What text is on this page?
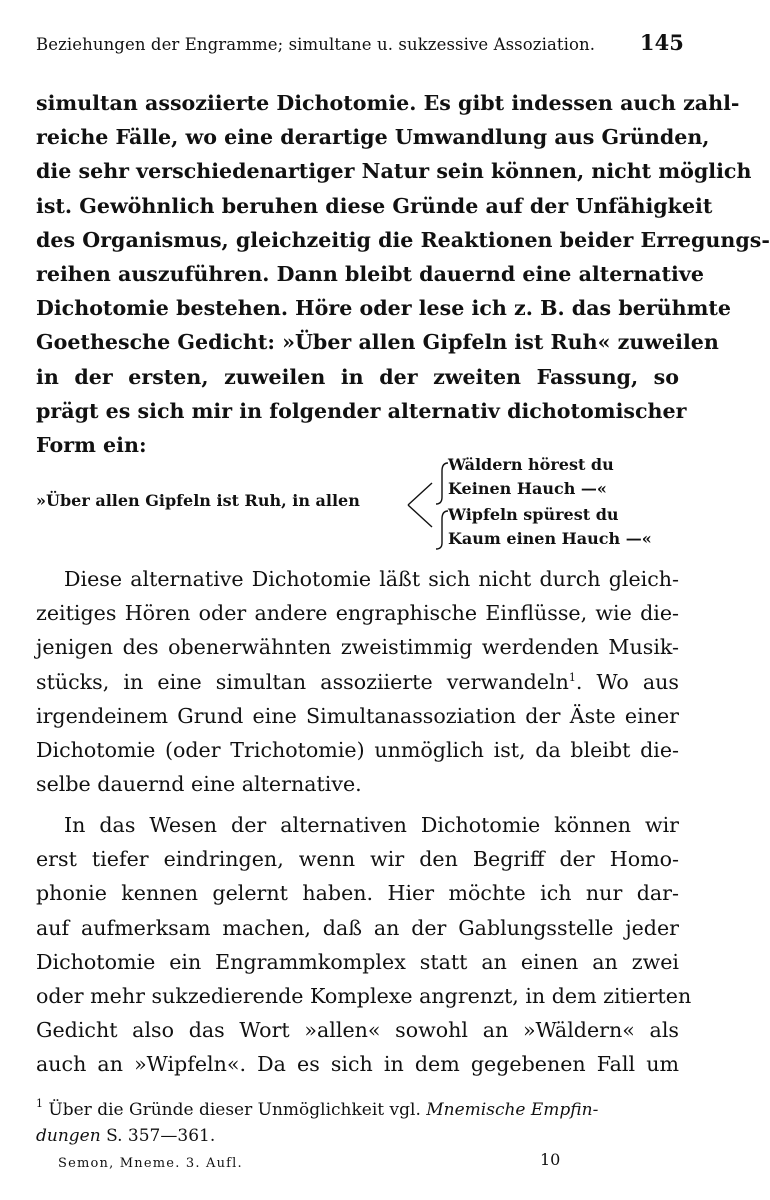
Beziehungen der Engramme; simultane u. sukzessive Assoziation. 145
simultan assoziierte Dichotomie. Es gibt indessen auch zahl-
reiche Fälle, wo eine derartige Umwandlung aus Gründen,
die sehr verschiedenartiger Natur sein können, nicht möglich
ist. Gewöhnlich beruhen diese Gründe auf der Unfähigkeit
des Organismus, gleichzeitig die Reaktionen beider Erregungs-
reihen auszuführen. Dann bleibt dauernd eine alternative
Dichotomie bestehen. Höre oder lese ich z. B. das berühmte
Goethesche Gedicht: »Über allen Gipfeln ist Ruh« zuweilen
in der ersten, zuweilen in der zweiten Fassung, so
prägt es sich mir in folgender alternativ dichotomischer
Form ein:
»Über allen Gipfeln ist Ruh, in allen
Wäldern hörest du
Keinen Hauch —«
Wipfeln spürest du
Kaum einen Hauch —«
Diese alternative Dichotomie läßt sich nicht durch gleich-
zeitiges Hören oder andere engraphische Einflüsse, wie die-
jenigen des obenerwähnten zweistimmig werdenden Musik-
stücks, in eine simultan assoziierte verwandeln$^1$. Wo aus
irgendeinem Grund eine Simultanassoziation der Äste einer
Dichotomie (oder Trichotomie) unmöglich ist, da bleibt die-
selbe dauernd eine alternative.
In das Wesen der alternativen Dichotomie können wir
erst tiefer eindringen, wenn wir den Begriff der Homo-
phonie kennen gelernt haben. Hier möchte ich nur dar-
auf aufmerksam machen, daß an der Gablungsstelle jeder
Dichotomie ein Engrammkomplex statt an einen an zwei
oder mehr sukzedierende Komplexe angrenzt, in dem zitierten
Gedicht also das Wort »allen« sowohl an »Wäldern« als
auch an »Wipfeln«. Da es sich in dem gegebenen Fall um
$^1$ Über die Gründe dieser Unmöglichkeit vgl. Mnemische Empfin-
dungen S. 357—361.
Semon, Mneme. 3. Aufl.	10
